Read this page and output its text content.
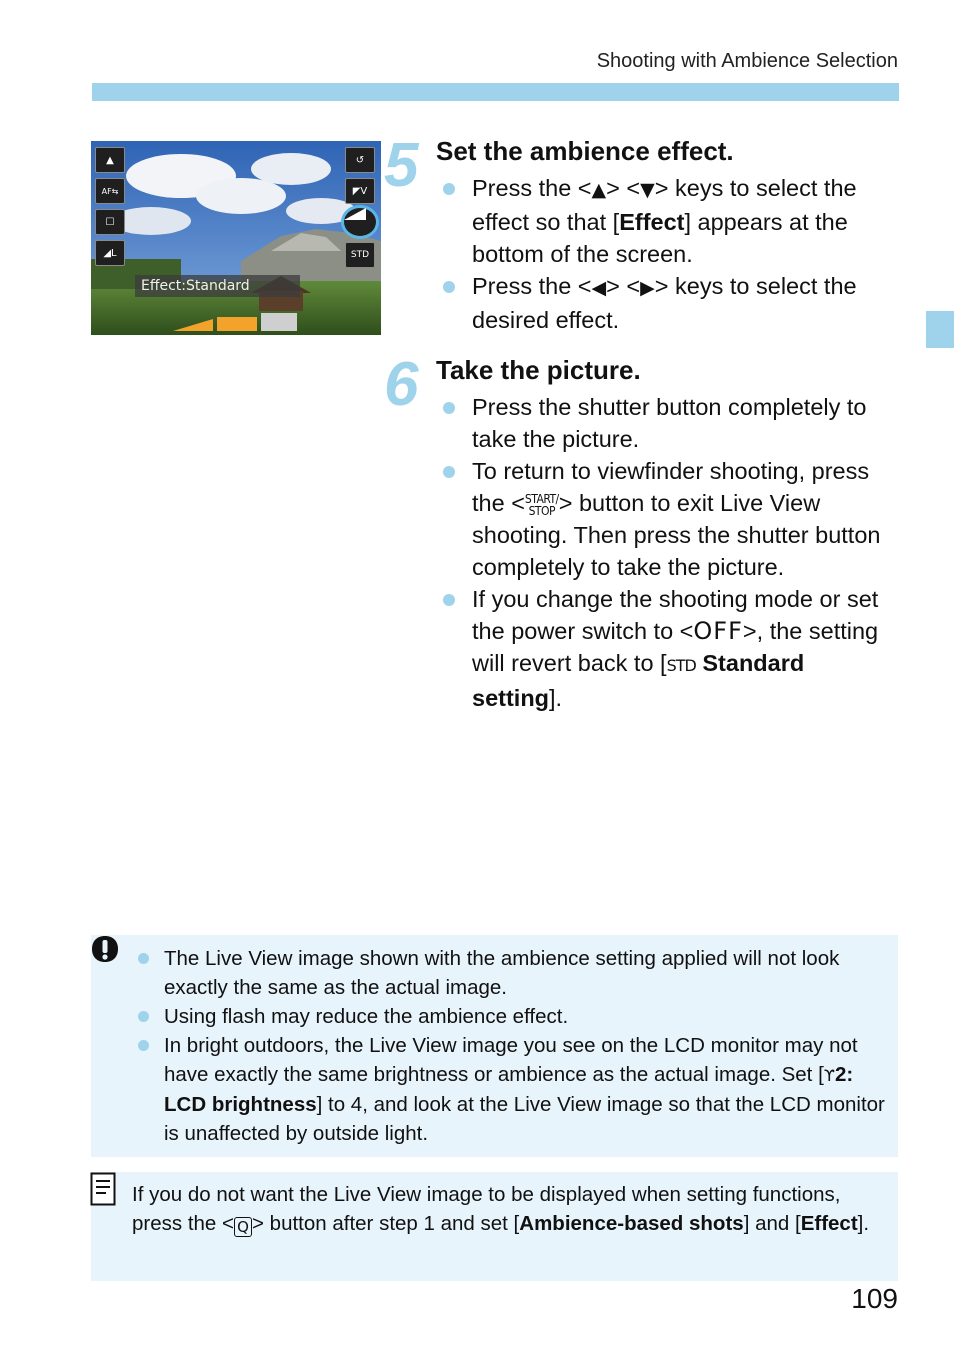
Shooting with Ambience Selection
▲
AF⇆
☐
◢L
↺
◤V
STD
Effect:Standard
5 Set the ambience effect.
Press the <▲> <▼> keys to select the effect so that [Effect] appears at the bottom of the screen.
Press the <◀> <▶> keys to select the desired effect.
6 Take the picture.
Press the shutter button completely to take the picture.
To return to viewfinder shooting, press the <START/
STOP > button to exit Live View shooting. Then press the shutter button completely to take the picture.
If you change the shooting mode or set the power switch to <OFF>, the setting will revert back to [STD Standard setting].
The Live View image shown with the ambience setting applied will not look exactly the same as the actual image.
Using flash may reduce the ambience effect.
In bright outdoors, the Live View image you see on the LCD monitor may not have exactly the same brightness or ambience as the actual image. Set [ϒ2: LCD brightness] to 4, and look at the Live View image so that the LCD monitor is unaffected by outside light.
If you do not want the Live View image to be displayed when setting functions, press the < Q > button after step 1 and set [Ambience-based shots] and [Effect].
109
